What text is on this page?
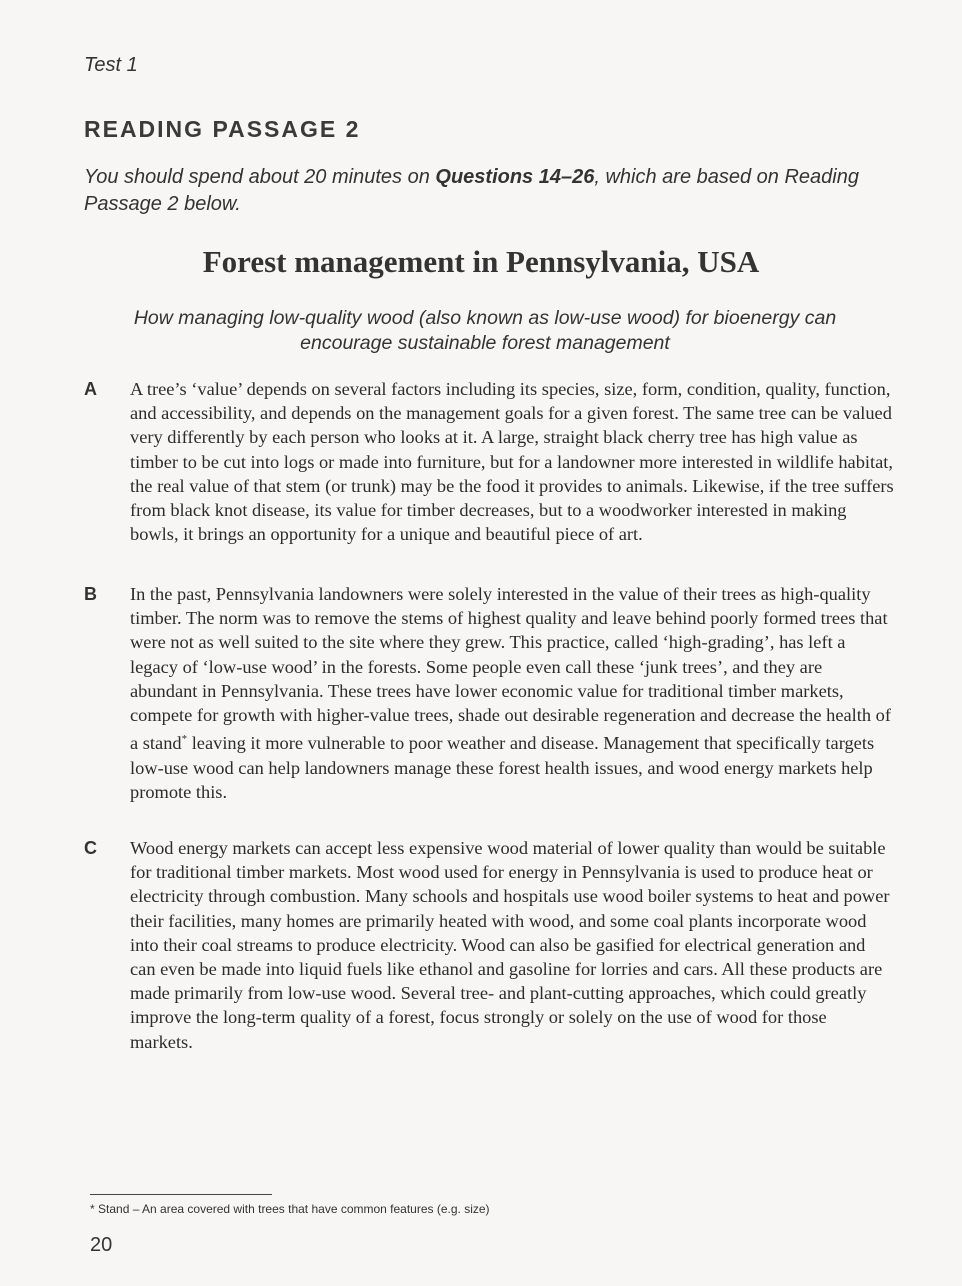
Test 1
READING PASSAGE 2
You should spend about 20 minutes on Questions 14–26, which are based on Reading Passage 2 below.
Forest management in Pennsylvania, USA
How managing low-quality wood (also known as low-use wood) for bioenergy can encourage sustainable forest management
A A tree’s ‘value’ depends on several factors including its species, size, form, condition, quality, function, and accessibility, and depends on the management goals for a given forest. The same tree can be valued very differently by each person who looks at it. A large, straight black cherry tree has high value as timber to be cut into logs or made into furniture, but for a landowner more interested in wildlife habitat, the real value of that stem (or trunk) may be the food it provides to animals. Likewise, if the tree suffers from black knot disease, its value for timber decreases, but to a woodworker interested in making bowls, it brings an opportunity for a unique and beautiful piece of art.
B In the past, Pennsylvania landowners were solely interested in the value of their trees as high-quality timber. The norm was to remove the stems of highest quality and leave behind poorly formed trees that were not as well suited to the site where they grew. This practice, called ‘high-grading’, has left a legacy of ‘low-use wood’ in the forests. Some people even call these ‘junk trees’, and they are abundant in Pennsylvania. These trees have lower economic value for traditional timber markets, compete for growth with higher-value trees, shade out desirable regeneration and decrease the health of a stand* leaving it more vulnerable to poor weather and disease. Management that specifically targets low-use wood can help landowners manage these forest health issues, and wood energy markets help promote this.
C Wood energy markets can accept less expensive wood material of lower quality than would be suitable for traditional timber markets. Most wood used for energy in Pennsylvania is used to produce heat or electricity through combustion. Many schools and hospitals use wood boiler systems to heat and power their facilities, many homes are primarily heated with wood, and some coal plants incorporate wood into their coal streams to produce electricity. Wood can also be gasified for electrical generation and can even be made into liquid fuels like ethanol and gasoline for lorries and cars. All these products are made primarily from low-use wood. Several tree- and plant-cutting approaches, which could greatly improve the long-term quality of a forest, focus strongly or solely on the use of wood for those markets.
* Stand – An area covered with trees that have common features (e.g. size)
20
